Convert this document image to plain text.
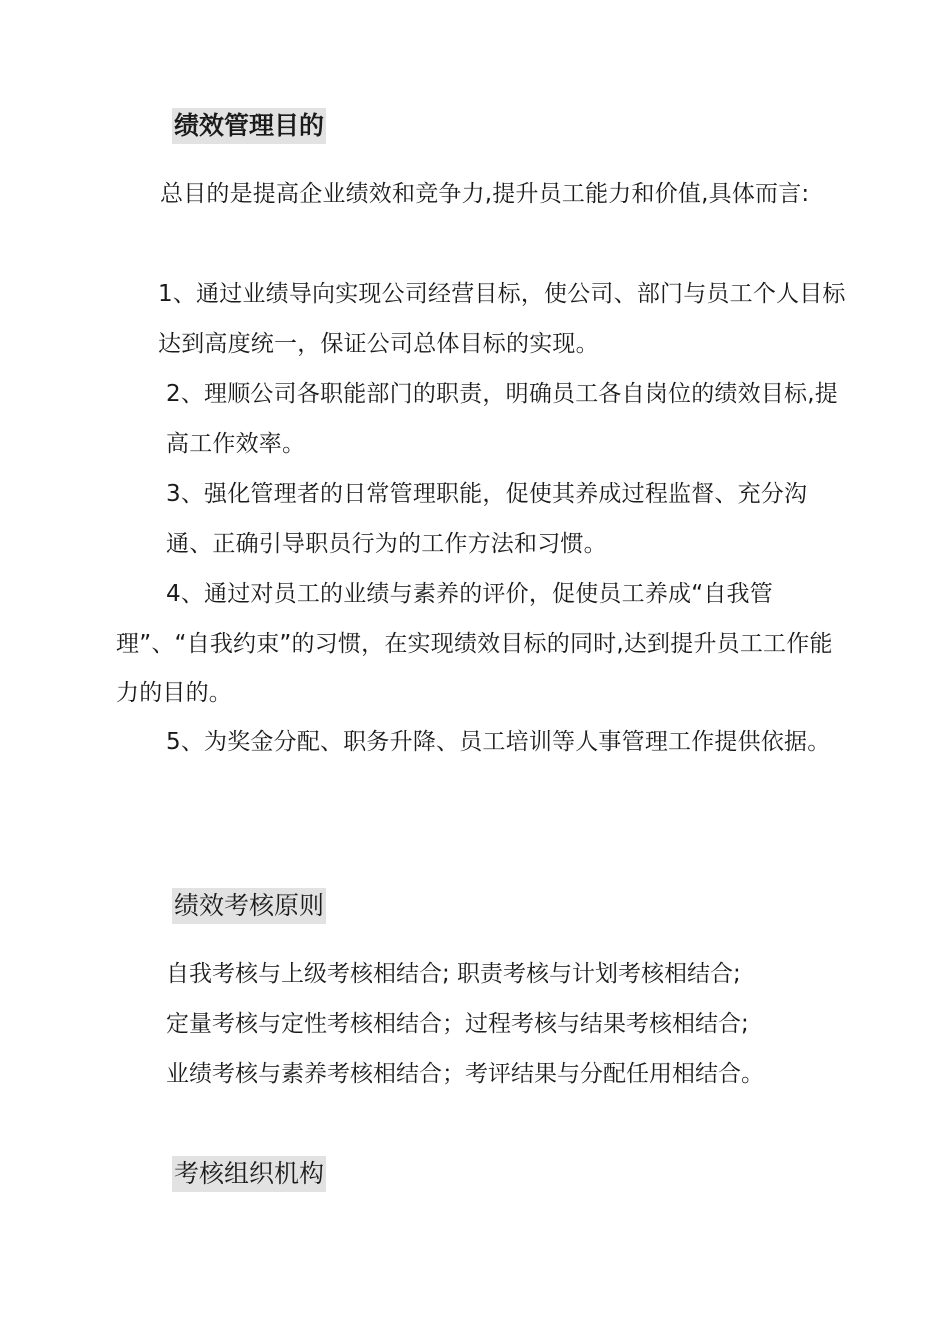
绩效管理目的

总目的是提高企业绩效和竞争力,提升员工能力和价值,具体而言:

1、通过业绩导向实现公司经营目标，使公司、部门与员工个人目标达到高度统一，保证公司总体目标的实现。

2、理顺公司各职能部门的职责，明确员工各自岗位的绩效目标,提高工作效率。

3、强化管理者的日常管理职能，促使其养成过程监督、充分沟通、正确引导职员行为的工作方法和习惯。

4、通过对员工的业绩与素养的评价，促使员工养成“自我管理”、“自我约束”的习惯，在实现绩效目标的同时,达到提升员工工作能力的目的。

5、为奖金分配、职务升降、员工培训等人事管理工作提供依据。

绩效考核原则
自我考核与上级考核相结合; 职责考核与计划考核相结合;
定量考核与定性考核相结合；过程考核与结果考核相结合;
业绩考核与素养考核相结合；考评结果与分配任用相结合。
考核组织机构
